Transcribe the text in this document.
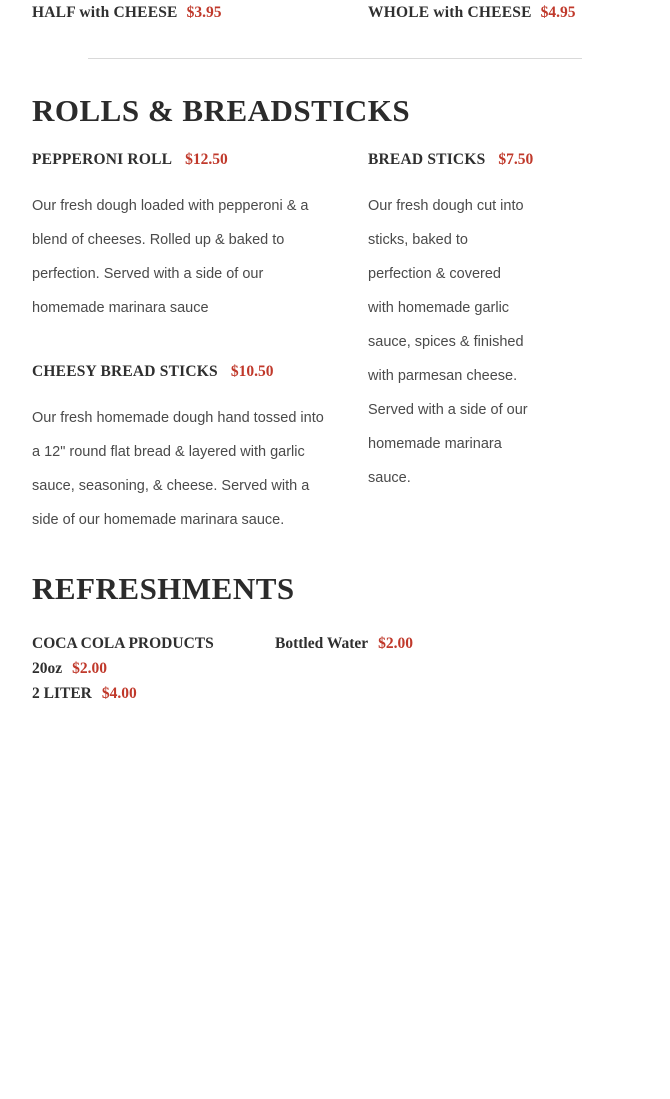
HALF with CHEESE $3.95	WHOLE with CHEESE $4.95
ROLLS & BREADSTICKS
PEPPERONI ROLL $12.50

Our fresh dough loaded with pepperoni & a blend of cheeses. Rolled up & baked to perfection. Served with a side of our homemade marinara sauce

CHEESY BREAD STICKS $10.50

Our fresh homemade dough hand tossed into a 12" round flat bread & layered with garlic sauce, seasoning, & cheese. Served with a side of our homemade marinara sauce.

BREAD STICKS $7.50

Our fresh dough cut into sticks, baked to perfection & covered with homemade garlic sauce, spices & finished with parmesan cheese. Served with a side of our homemade marinara sauce.

REFRESHMENTS
COCA COLA PRODUCTS
20oz $2.00
2 LITER $4.00
Bottled Water $2.00
